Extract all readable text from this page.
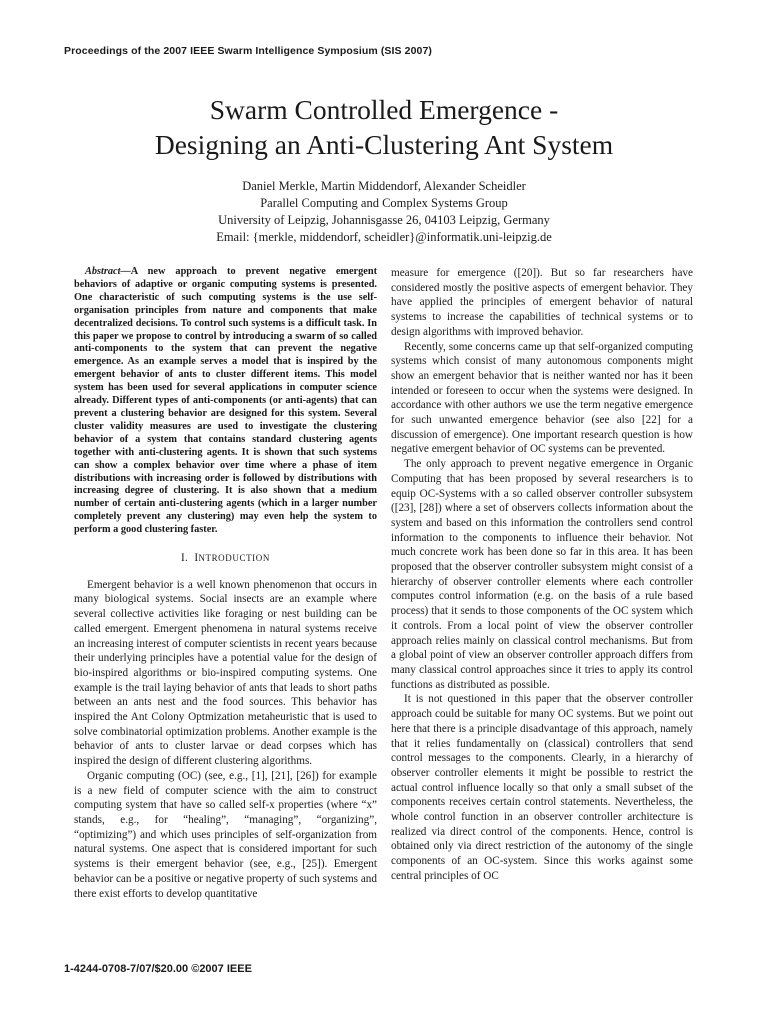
Proceedings of the 2007 IEEE Swarm Intelligence Symposium (SIS 2007)
Swarm Controlled Emergence -
Designing an Anti-Clustering Ant System
Daniel Merkle, Martin Middendorf, Alexander Scheidler
Parallel Computing and Complex Systems Group
University of Leipzig, Johannisgasse 26, 04103 Leipzig, Germany
Email: {merkle, middendorf, scheidler}@informatik.uni-leipzig.de

Abstract—A new approach to prevent negative emergent behaviors of adaptive or organic computing systems is presented. One characteristic of such computing systems is the use self-organisation principles from nature and components that make decentralized decisions. To control such systems is a difficult task. In this paper we propose to control by introducing a swarm of so called anti-components to the system that can prevent the negative emergence. As an example serves a model that is inspired by the emergent behavior of ants to cluster different items. This model system has been used for several applications in computer science already. Different types of anti-components (or anti-agents) that can prevent a clustering behavior are designed for this system. Several cluster validity measures are used to investigate the clustering behavior of a system that contains standard clustering agents together with anti-clustering agents. It is shown that such systems can show a complex behavior over time where a phase of item distributions with increasing order is followed by distributions with increasing degree of clustering. It is also shown that a medium number of certain anti-clustering agents (which in a larger number completely prevent any clustering) may even help the system to perform a good clustering faster.

I. INTRODUCTION

Emergent behavior is a well known phenomenon that occurs in many biological systems. Social insects are an example where several collective activities like foraging or nest building can be called emergent. Emergent phenomena in natural systems receive an increasing interest of computer scientists in recent years because their underlying principles have a potential value for the design of bio-inspired algorithms or bio-inspired computing systems. One example is the trail laying behavior of ants that leads to short paths between an ants nest and the food sources. This behavior has inspired the Ant Colony Optmization metaheuristic that is used to solve combinatorial optimization problems. Another example is the behavior of ants to cluster larvae or dead corpses which has inspired the design of different clustering algorithms.

Organic computing (OC) (see, e.g., [1], [21], [26]) for example is a new field of computer science with the aim to construct computing system that have so called self-x properties (where “x” stands, e.g., for “healing”, “managing”, “organizing”, “optimizing”) and which uses principles of self-organization from natural systems. One aspect that is considered important for such systems is their emergent behavior (see, e.g., [25]). Emergent behavior can be a positive or negative property of such systems and there exist efforts to develop quantitative

measure for emergence ([20]). But so far researchers have considered mostly the positive aspects of emergent behavior. They have applied the principles of emergent behavior of natural systems to increase the capabilities of technical systems or to design algorithms with improved behavior.

Recently, some concerns came up that self-organized computing systems which consist of many autonomous components might show an emergent behavior that is neither wanted nor has it been intended or foreseen to occur when the systems were designed. In accordance with other authors we use the term negative emergence for such unwanted emergence behavior (see also [22] for a discussion of emergence). One important research question is how negative emergent behavior of OC systems can be prevented.

The only approach to prevent negative emergence in Organic Computing that has been proposed by several researchers is to equip OC-Systems with a so called observer controller subsystem ([23], [28]) where a set of observers collects information about the system and based on this information the controllers send control information to the components to influence their behavior. Not much concrete work has been done so far in this area. It has been proposed that the observer controller subsystem might consist of a hierarchy of observer controller elements where each controller computes control information (e.g. on the basis of a rule based process) that it sends to those components of the OC system which it controls. From a local point of view the observer controller approach relies mainly on classical control mechanisms. But from a global point of view an observer controller approach differs from many classical control approaches since it tries to apply its control functions as distributed as possible.

It is not questioned in this paper that the observer controller approach could be suitable for many OC systems. But we point out here that there is a principle disadvantage of this approach, namely that it relies fundamentally on (classical) controllers that send control messages to the components. Clearly, in a hierarchy of observer controller elements it might be possible to restrict the actual control influence locally so that only a small subset of the components receives certain control statements. Nevertheless, the whole control function in an observer controller architecture is realized via direct control of the components. Hence, control is obtained only via direct restriction of the autonomy of the single components of an OC-system. Since this works against some central principles of OC

1-4244-0708-7/07/$20.00 ©2007 IEEE
